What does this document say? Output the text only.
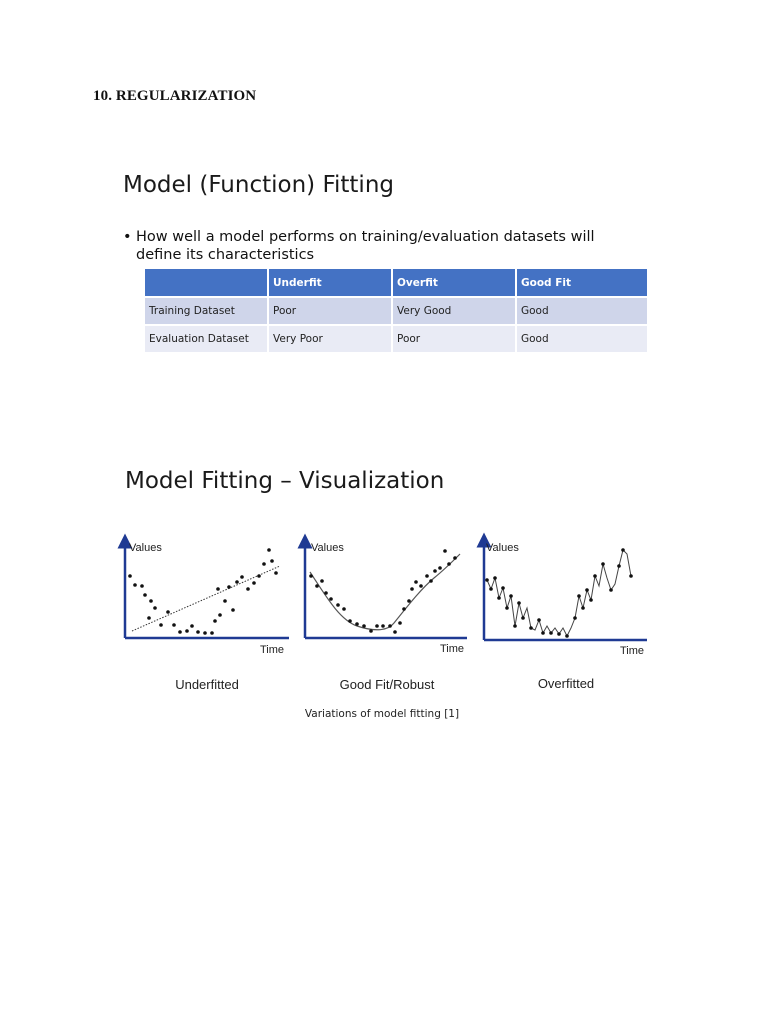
10. REGULARIZATION
Model (Function) Fitting
• How well a model performs on training/evaluation datasets will define its characteristics
	Underfit	Overfit	Good Fit
Training Dataset	Poor	Very Good	Good
Evaluation Dataset	Very Poor	Poor	Good
Model Fitting – Visualization
Values
Time
Values
Time
Values
Time
Underfitted	Good Fit/Robust	Overfitted
Variations of model fitting [1]
